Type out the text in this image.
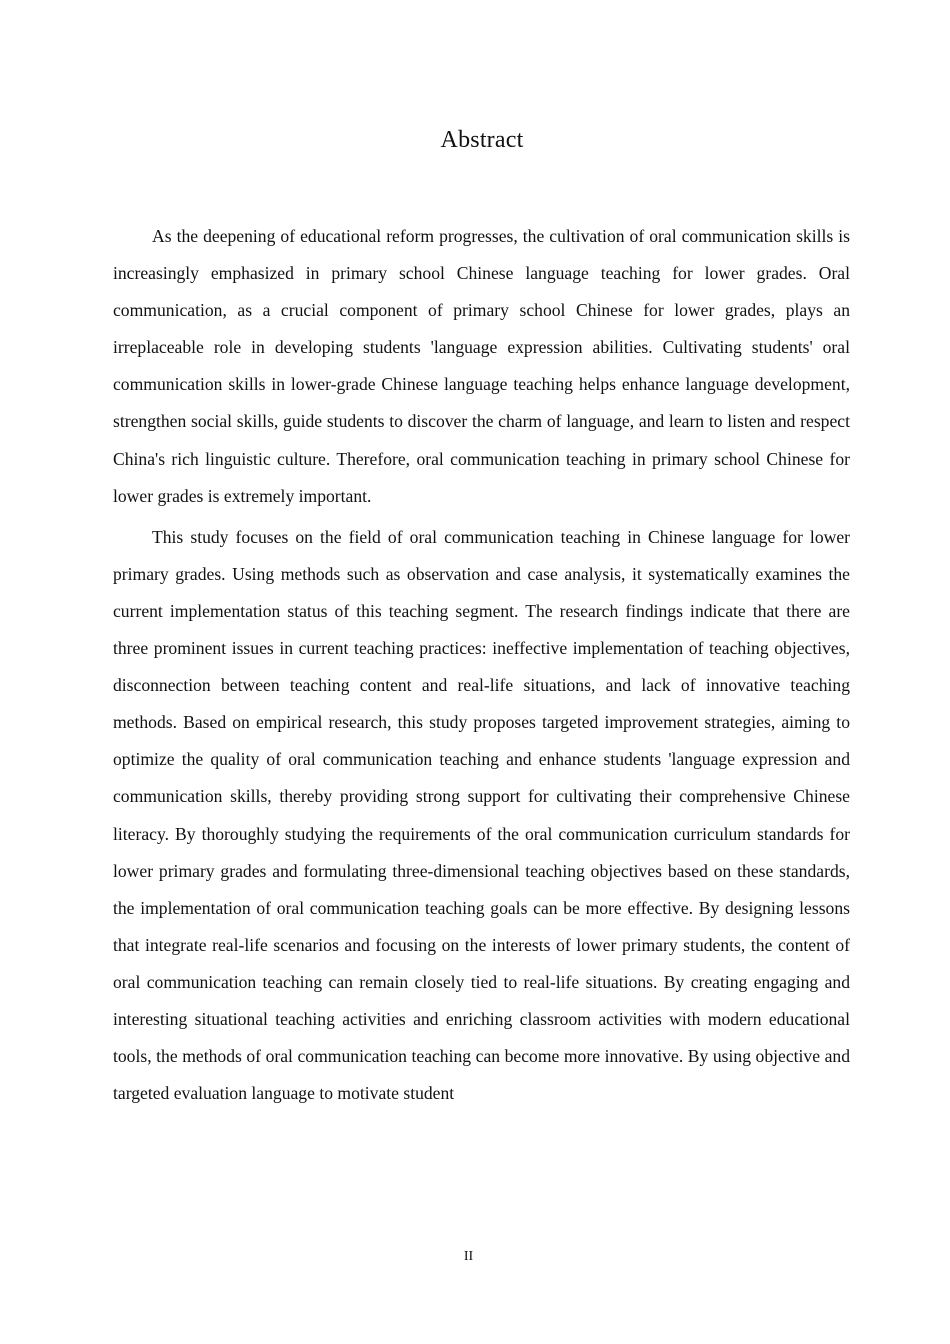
Abstract

As the deepening of educational reform progresses, the cultivation of oral communication skills is increasingly emphasized in primary school Chinese language teaching for lower grades. Oral communication, as a crucial component of primary school Chinese for lower grades, plays an irreplaceable role in developing students 'language expression abilities. Cultivating students' oral communication skills in lower-grade Chinese language teaching helps enhance language development, strengthen social skills, guide students to discover the charm of language, and learn to listen and respect China's rich linguistic culture. Therefore, oral communication teaching in primary school Chinese for lower grades is extremely important.

This study focuses on the field of oral communication teaching in Chinese language for lower primary grades. Using methods such as observation and case analysis, it systematically examines the current implementation status of this teaching segment. The research findings indicate that there are three prominent issues in current teaching practices: ineffective implementation of teaching objectives, disconnection between teaching content and real-life situations, and lack of innovative teaching methods. Based on empirical research, this study proposes targeted improvement strategies, aiming to optimize the quality of oral communication teaching and enhance students 'language expression and communication skills, thereby providing strong support for cultivating their comprehensive Chinese literacy. By thoroughly studying the requirements of the oral communication curriculum standards for lower primary grades and formulating three-dimensional teaching objectives based on these standards, the implementation of oral communication teaching goals can be more effective. By designing lessons that integrate real-life scenarios and focusing on the interests of lower primary students, the content of oral communication teaching can remain closely tied to real-life situations. By creating engaging and interesting situational teaching activities and enriching classroom activities with modern educational tools, the methods of oral communication teaching can become more innovative. By using objective and targeted evaluation language to motivate student

II
